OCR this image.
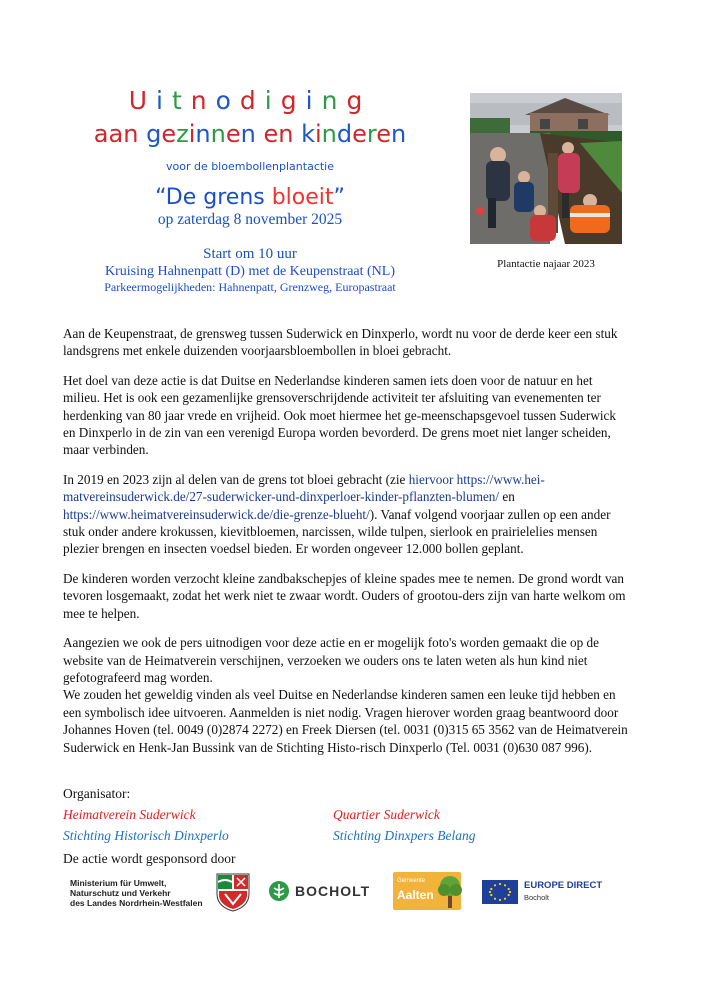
Uitnodiging
aan gezinnen en kinderen
voor de bloembollenplantactie
“De grens bloeit”
op zaterdag 8 november 2025
Start om 10 uur
Kruising Hahnenpatt (D) met de Keupenstraat (NL)
Parkeermogelijkheden: Hahnenpatt, Grenzweg, Europastraat
Plantactie najaar 2023

Aan de Keupenstraat, de grensweg tussen Suderwick en Dinxperlo, wordt nu voor de derde keer een stuk landsgrens met enkele duizenden voorjaarsbloembollen in bloei gebracht.

Het doel van deze actie is dat Duitse en Nederlandse kinderen samen iets doen voor de natuur en het milieu. Het is ook een gezamenlijke grensoverschrijdende activiteit ter afsluiting van evenementen ter herdenking van 80 jaar vrede en vrijheid. Ook moet hiermee het ge-meenschapsgevoel tussen Suderwick en Dinxperlo in de zin van een verenigd Europa worden bevorderd. De grens moet niet langer scheiden, maar verbinden.

In 2019 en 2023 zijn al delen van de grens tot bloei gebracht (zie hiervoor https://www.hei-matvereinsuderwick.de/27-suderwicker-und-dinxperloer-kinder-pflanzten-blumen/ en https://www.heimatvereinsuderwick.de/die-grenze-blueht/). Vanaf volgend voorjaar zullen op een ander stuk onder andere krokussen, kievitbloemen, narcissen, wilde tulpen, sierlook en prairielelies mensen plezier brengen en insecten voedsel bieden. Er worden ongeveer 12.000 bollen geplant.

De kinderen worden verzocht kleine zandbakschepjes of kleine spades mee te nemen. De grond wordt van tevoren losgemaakt, zodat het werk niet te zwaar wordt. Ouders of grootou-ders zijn van harte welkom om mee te helpen.

Aangezien we ook de pers uitnodigen voor deze actie en er mogelijk foto's worden gemaakt die op de website van de Heimatverein verschijnen, verzoeken we ouders ons te laten weten als hun kind niet gefotografeerd mag worden.

We zouden het geweldig vinden als veel Duitse en Nederlandse kinderen samen een leuke tijd hebben en een symbolisch idee uitvoeren. Aanmelden is niet nodig. Vragen hierover worden graag beantwoord door Johannes Hoven (tel. 0049 (0)2874 2272) en Freek Diersen (tel. 0031 (0)315 65 3562 van de Heimatverein Suderwick en Henk-Jan Bussink van de Stichting Histo-risch Dinxperlo (Tel. 0031 (0)630 087 996).

Organisator:
Heimatverein Suderwick	Quartier Suderwick
Stichting Historisch Dinxperlo	Stichting Dinxpers Belang
De actie wordt gesponsord door
Ministerium für Umwelt,
Naturschutz und Verkehr
des Landes Nordrhein-Westfalen
BOCHOLT
Gemeente
Aalten
EUROPE DIRECT
Bocholt
